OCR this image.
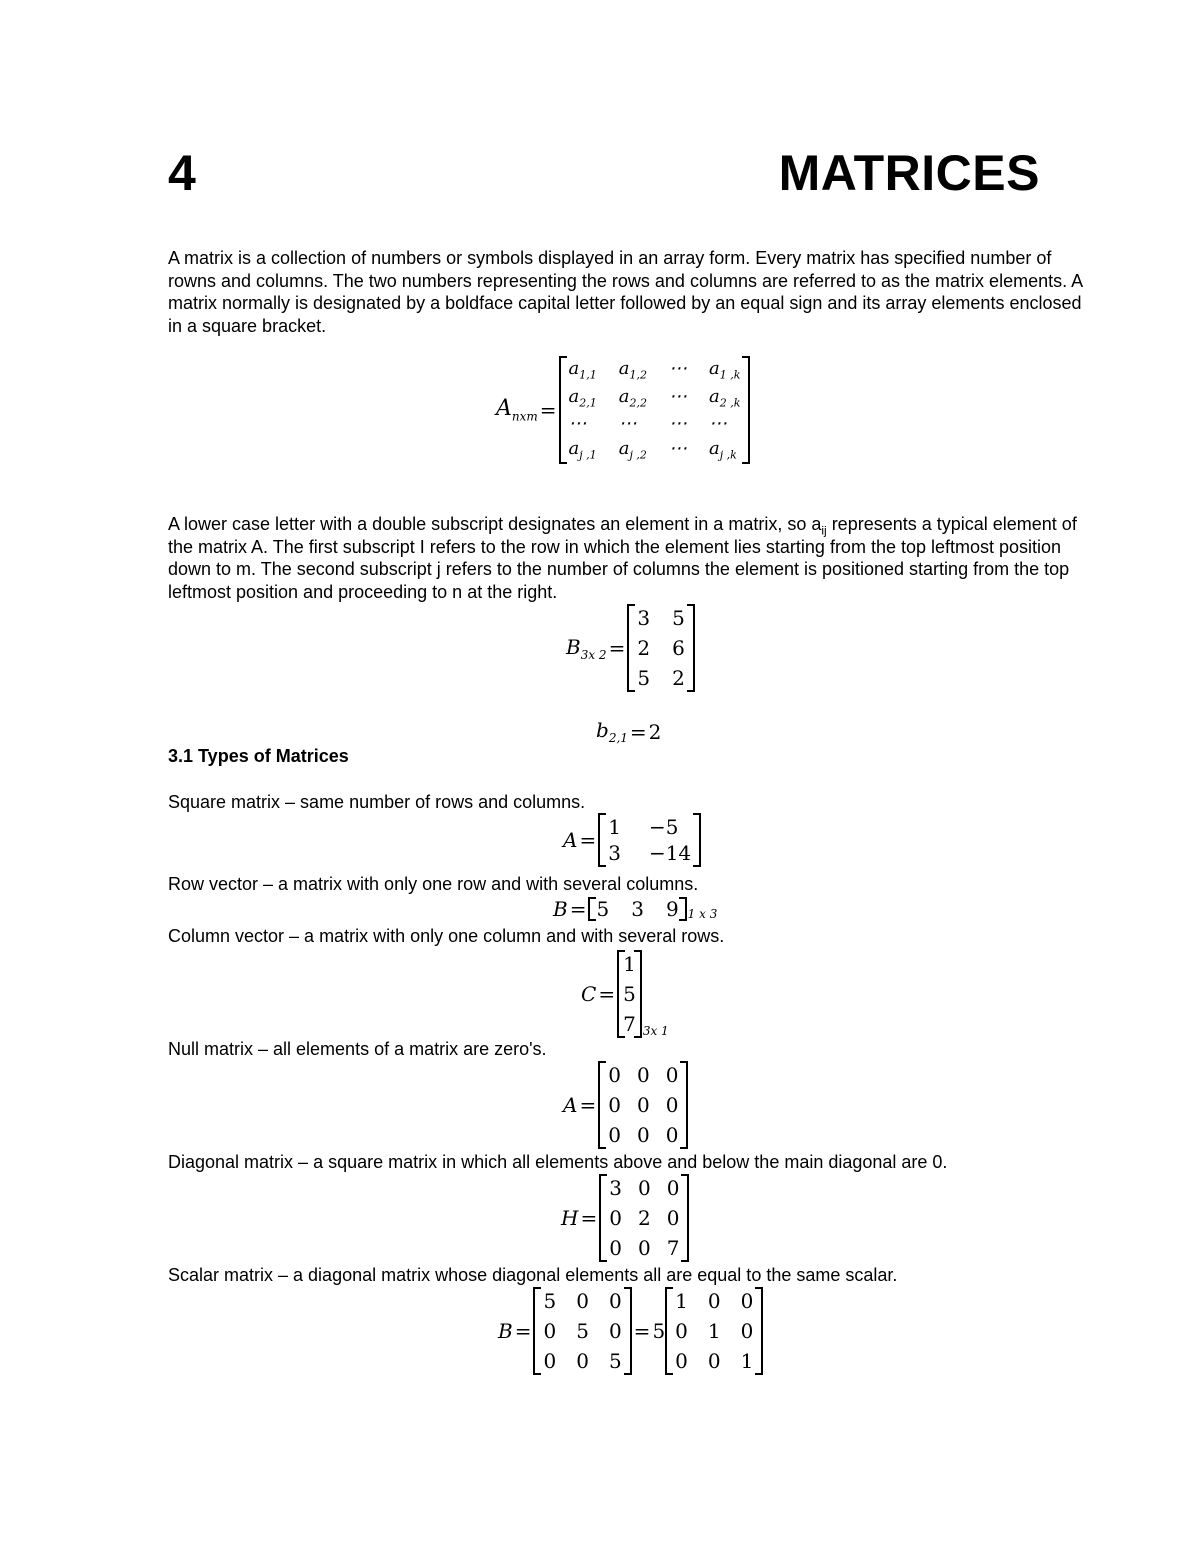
4	MATRICES
A matrix is a collection of numbers or symbols displayed in an array form. Every matrix has specified number of rowns and columns. The two numbers representing the rows and columns are referred to as the matrix elements. A matrix normally is designated by a boldface capital letter followed by an equal sign and its array elements enclosed in a square bracket.
$A_{nxm}$ =
$a_{1,1}$ $a_{1,2}$ ⋯ $a_{1 ,k}$
$a_{2,1}$ $a_{2,2}$ ⋯ $a_{2 ,k}$
⋯	⋯	⋯ ⋯
$a_{j ,1}$ $a_{j ,2}$ ⋯ $a_{j ,k}$
A lower case letter with a double subscript designates an element in a matrix, so $a_{ij}$ represents a typical element of the matrix A. The first subscript I refers to the row in which the element lies starting from the top leftmost position down to m. The second subscript j refers to the number of columns the element is positioned starting from the top leftmost position and proceeding to n at the right.
$B_{3x 2}$ =
3 5
2 6
5 2
$b_{2,1} = 2$
3.1 Types of Matrices
Square matrix – same number of rows and columns.
A =
1 −5
3 −14
Row vector – a matrix with only one row and with several columns.
B = 5 3 9 1 x 3
Column vector – a matrix with only one column and with several rows.
C =
1
5
7 3x 1
Null matrix – all elements of a matrix are zero's.
A =
0 0 0
0 0 0
0 0 0
Diagonal matrix – a square matrix in which all elements above and below the main diagonal are 0.
H =
3 0 0
0 2 0
0 0 7
Scalar matrix – a diagonal matrix whose diagonal elements all are equal to the same scalar.
B =
5 0 0
0 5 0
0 0 5
= 5
1 0 0
0 1 0
0 0 1
